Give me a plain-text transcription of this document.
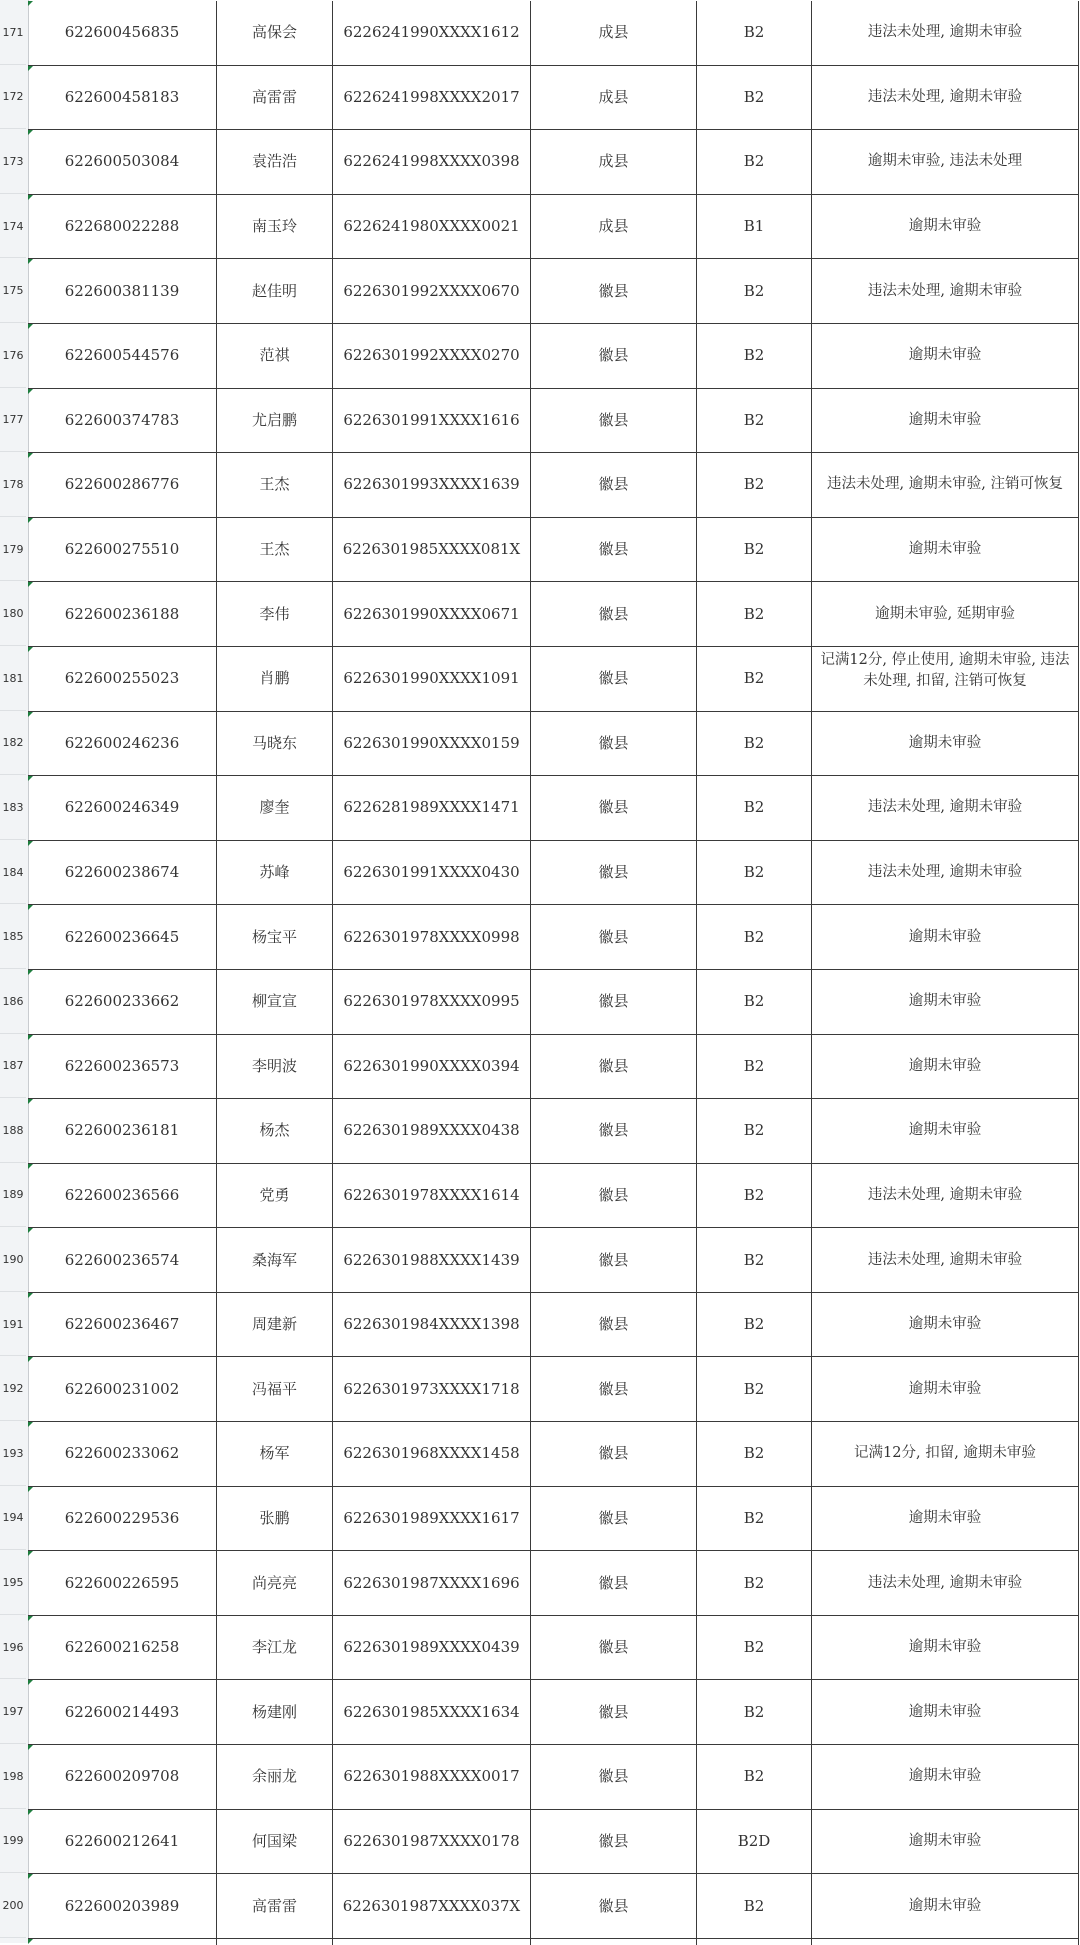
171	622600456835	高保会	6226241990XXXX1612	成县	B2	违法未处理, 逾期未审验
172	622600458183	高雷雷	6226241998XXXX2017	成县	B2	违法未处理, 逾期未审验
173	622600503084	袁浩浩	6226241998XXXX0398	成县	B2	逾期未审验, 违法未处理
174	622680022288	南玉玲	6226241980XXXX0021	成县	B1	逾期未审验
175	622600381139	赵佳明	6226301992XXXX0670	徽县	B2	违法未处理, 逾期未审验
176	622600544576	范祺	6226301992XXXX0270	徽县	B2	逾期未审验
177	622600374783	尤启鹏	6226301991XXXX1616	徽县	B2	逾期未审验
178	622600286776	王杰	6226301993XXXX1639	徽县	B2	违法未处理, 逾期未审验, 注销可恢复
179	622600275510	王杰	6226301985XXXX081X	徽县	B2	逾期未审验
180	622600236188	李伟	6226301990XXXX0671	徽县	B2	逾期未审验, 延期审验
181	622600255023	肖鹏	6226301990XXXX1091	徽县	B2
记满12分, 停止使用, 逾期未审验, 违法未处理, 扣留, 注销可恢复
182	622600246236	马晓东	6226301990XXXX0159	徽县	B2	逾期未审验
183	622600246349	廖奎	6226281989XXXX1471	徽县	B2	违法未处理, 逾期未审验
184	622600238674	苏峰	6226301991XXXX0430	徽县	B2	违法未处理, 逾期未审验
185	622600236645	杨宝平	6226301978XXXX0998	徽县	B2	逾期未审验
186	622600233662	柳宣宣	6226301978XXXX0995	徽县	B2	逾期未审验
187	622600236573	李明波	6226301990XXXX0394	徽县	B2	逾期未审验
188	622600236181	杨杰	6226301989XXXX0438	徽县	B2	逾期未审验
189	622600236566	党勇	6226301978XXXX1614	徽县	B2	违法未处理, 逾期未审验
190	622600236574	桑海军	6226301988XXXX1439	徽县	B2	违法未处理, 逾期未审验
191	622600236467	周建新	6226301984XXXX1398	徽县	B2	逾期未审验
192	622600231002	冯福平	6226301973XXXX1718	徽县	B2	逾期未审验
193	622600233062	杨军	6226301968XXXX1458	徽县	B2	记满12分, 扣留, 逾期未审验
194	622600229536	张鹏	6226301989XXXX1617	徽县	B2	逾期未审验
195	622600226595	尚亮亮	6226301987XXXX1696	徽县	B2	违法未处理, 逾期未审验
196	622600216258	李江龙	6226301989XXXX0439	徽县	B2	逾期未审验
197	622600214493	杨建刚	6226301985XXXX1634	徽县	B2	逾期未审验
198	622600209708	余丽龙	6226301988XXXX0017	徽县	B2	逾期未审验
199	622600212641	何国梁	6226301987XXXX0178	徽县	B2D	逾期未审验
200	622600203989	高雷雷	6226301987XXXX037X	徽县	B2	逾期未审验
